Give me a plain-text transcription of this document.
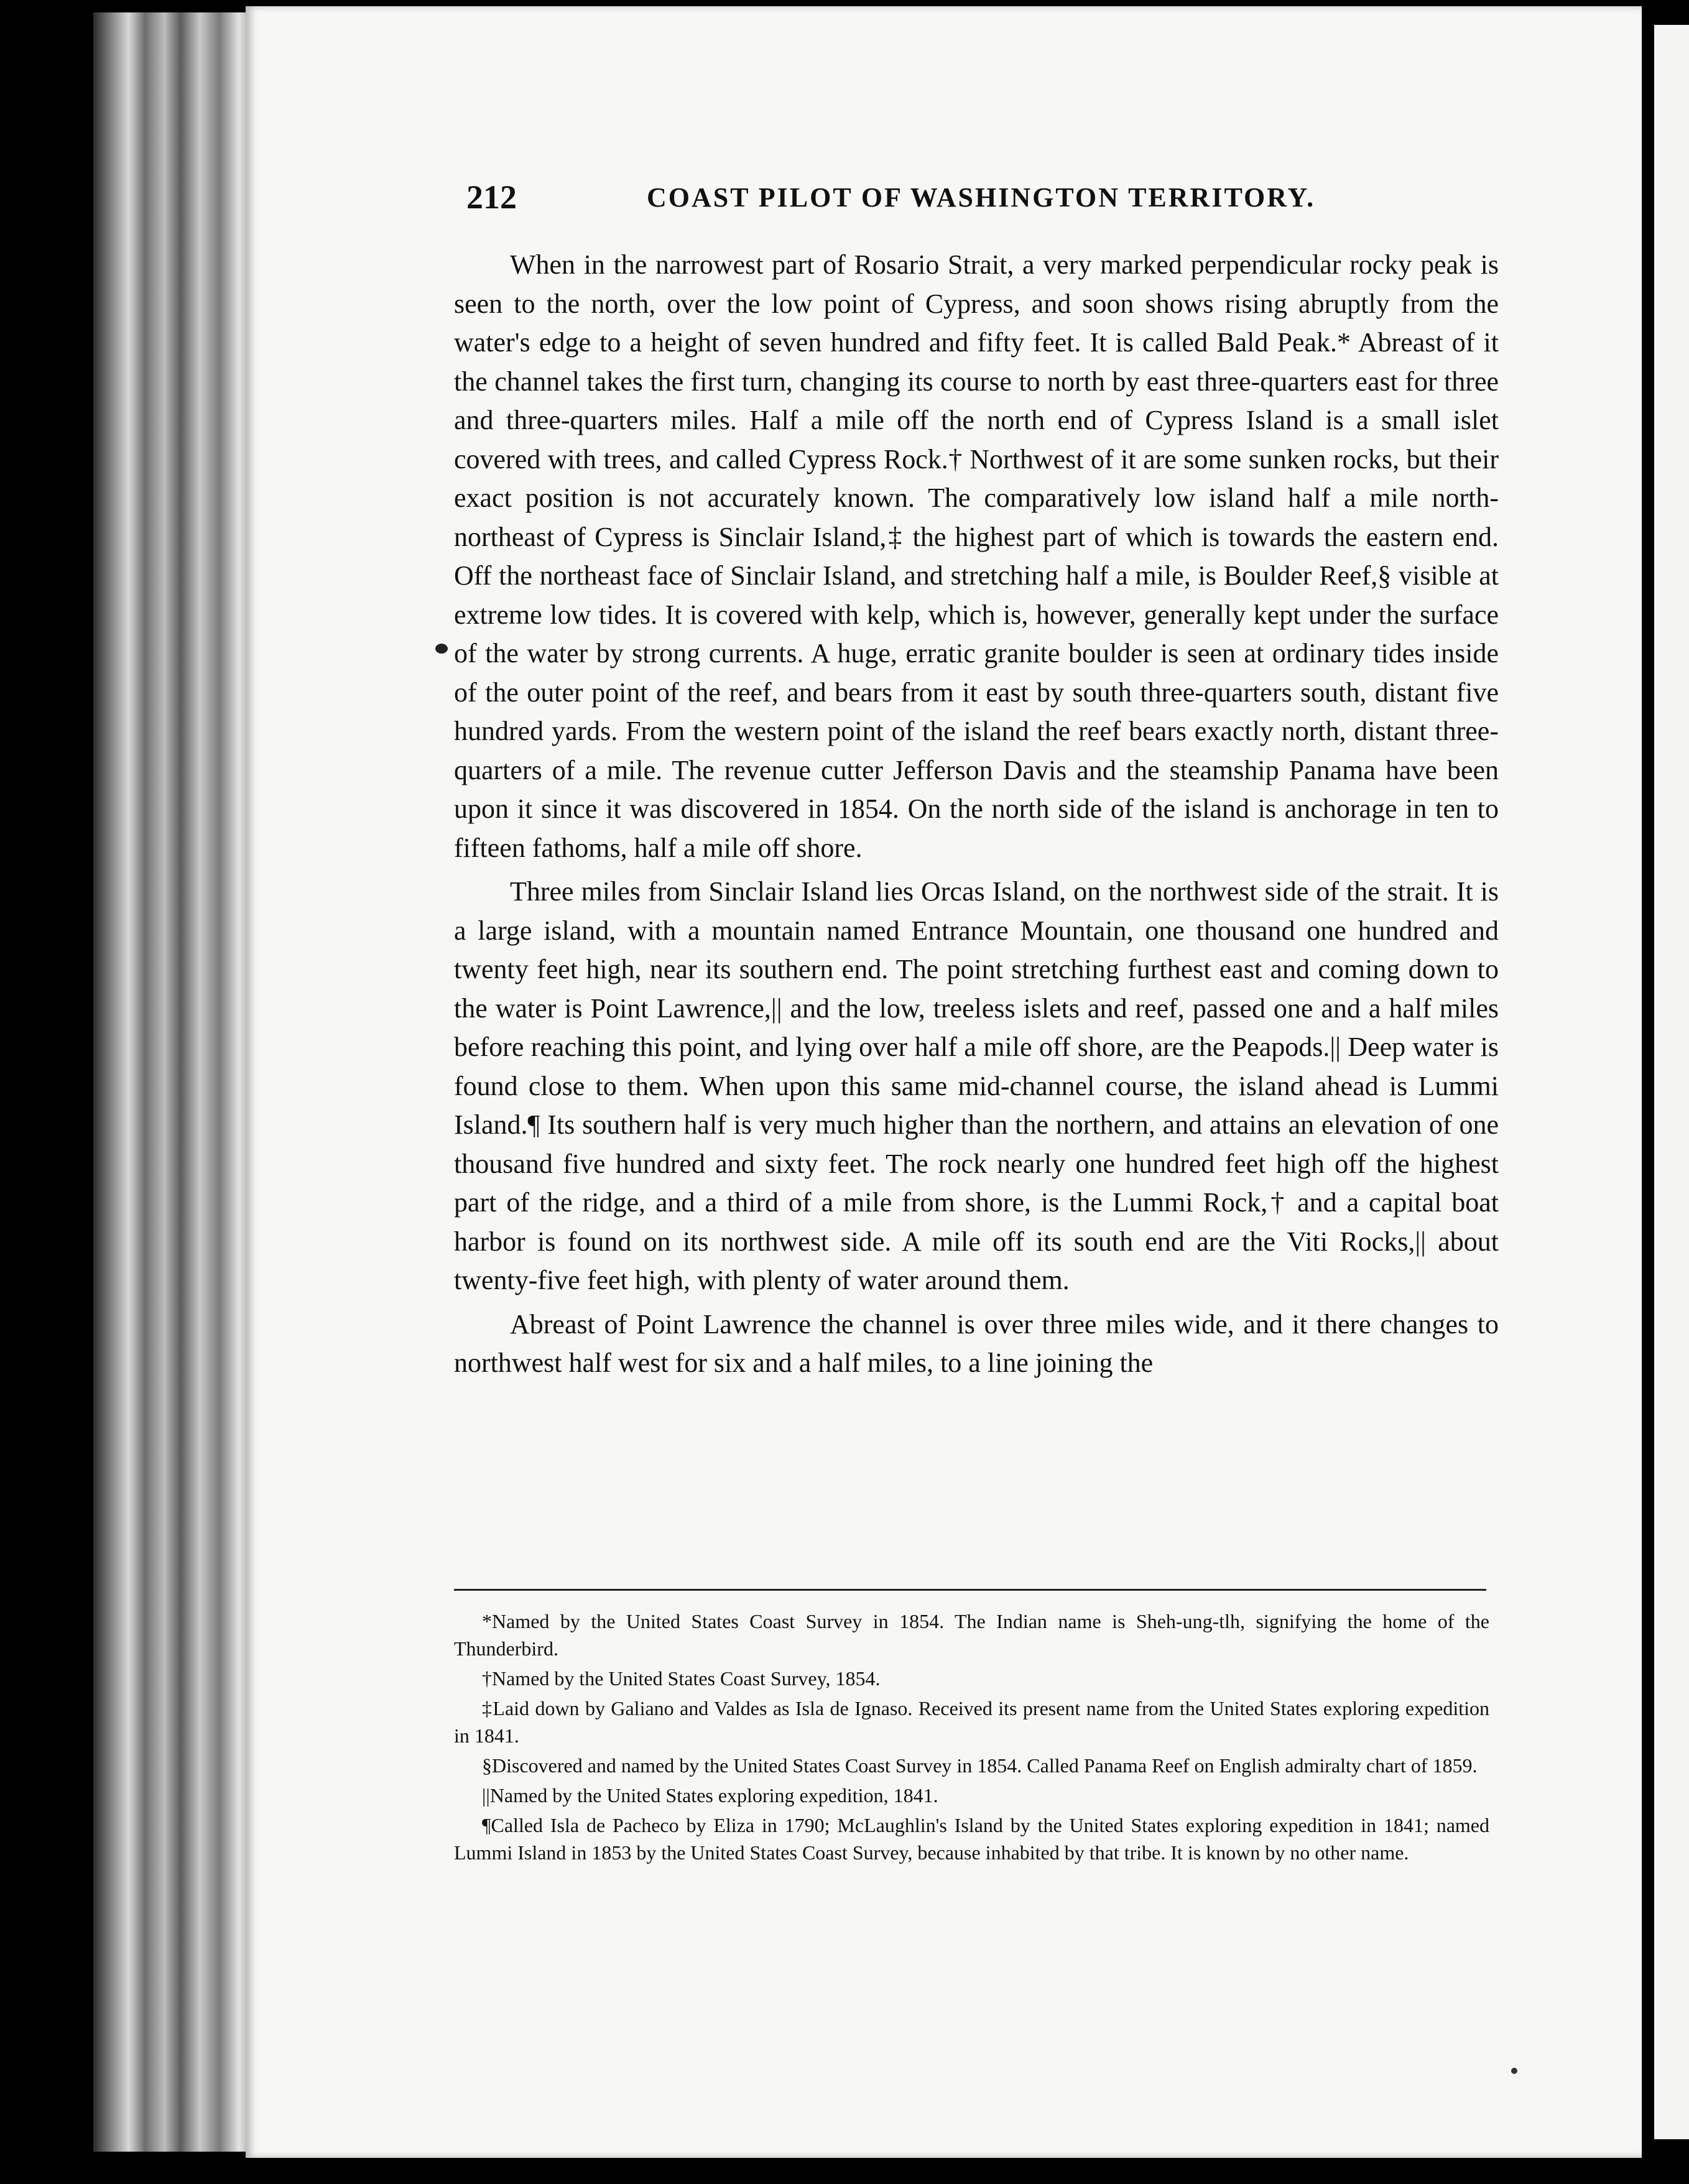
212	COAST PILOT OF WASHINGTON TERRITORY.

When in the narrowest part of Rosario Strait, a very marked perpendicular rocky peak is seen to the north, over the low point of Cypress, and soon shows rising abruptly from the water's edge to a height of seven hundred and fifty feet. It is called Bald Peak.* Abreast of it the channel takes the first turn, changing its course to north by east three-quarters east for three and three-quarters miles. Half a mile off the north end of Cypress Island is a small islet covered with trees, and called Cypress Rock.† Northwest of it are some sunken rocks, but their exact position is not accurately known. The comparatively low island half a mile north-northeast of Cypress is Sinclair Island,‡ the highest part of which is towards the eastern end. Off the northeast face of Sinclair Island, and stretching half a mile, is Boulder Reef,§ visible at extreme low tides. It is covered with kelp, which is, however, generally kept under the surface of the water by strong currents. A huge, erratic granite boulder is seen at ordinary tides inside of the outer point of the reef, and bears from it east by south three-quarters south, distant five hundred yards. From the western point of the island the reef bears exactly north, distant three-quarters of a mile. The revenue cutter Jefferson Davis and the steamship Panama have been upon it since it was discovered in 1854. On the north side of the island is anchorage in ten to fifteen fathoms, half a mile off shore.

Three miles from Sinclair Island lies Orcas Island, on the northwest side of the strait. It is a large island, with a mountain named Entrance Mountain, one thousand one hundred and twenty feet high, near its southern end. The point stretching furthest east and coming down to the water is Point Lawrence,|| and the low, treeless islets and reef, passed one and a half miles before reaching this point, and lying over half a mile off shore, are the Peapods.|| Deep water is found close to them. When upon this same mid-channel course, the island ahead is Lummi Island.¶ Its southern half is very much higher than the northern, and attains an elevation of one thousand five hundred and sixty feet. The rock nearly one hundred feet high off the highest part of the ridge, and a third of a mile from shore, is the Lummi Rock,† and a capital boat harbor is found on its northwest side. A mile off its south end are the Viti Rocks,|| about twenty-five feet high, with plenty of water around them.

Abreast of Point Lawrence the channel is over three miles wide, and it there changes to northwest half west for six and a half miles, to a line joining the

*Named by the United States Coast Survey in 1854. The Indian name is Sheh-ung-tlh, signifying the home of the Thunderbird.

†Named by the United States Coast Survey, 1854.

‡Laid down by Galiano and Valdes as Isla de Ignaso. Received its present name from the United States exploring expedition in 1841.

§Discovered and named by the United States Coast Survey in 1854. Called Panama Reef on English admiralty chart of 1859.

||Named by the United States exploring expedition, 1841.

¶Called Isla de Pacheco by Eliza in 1790; McLaughlin's Island by the United States exploring expedition in 1841; named Lummi Island in 1853 by the United States Coast Survey, because inhabited by that tribe. It is known by no other name.
